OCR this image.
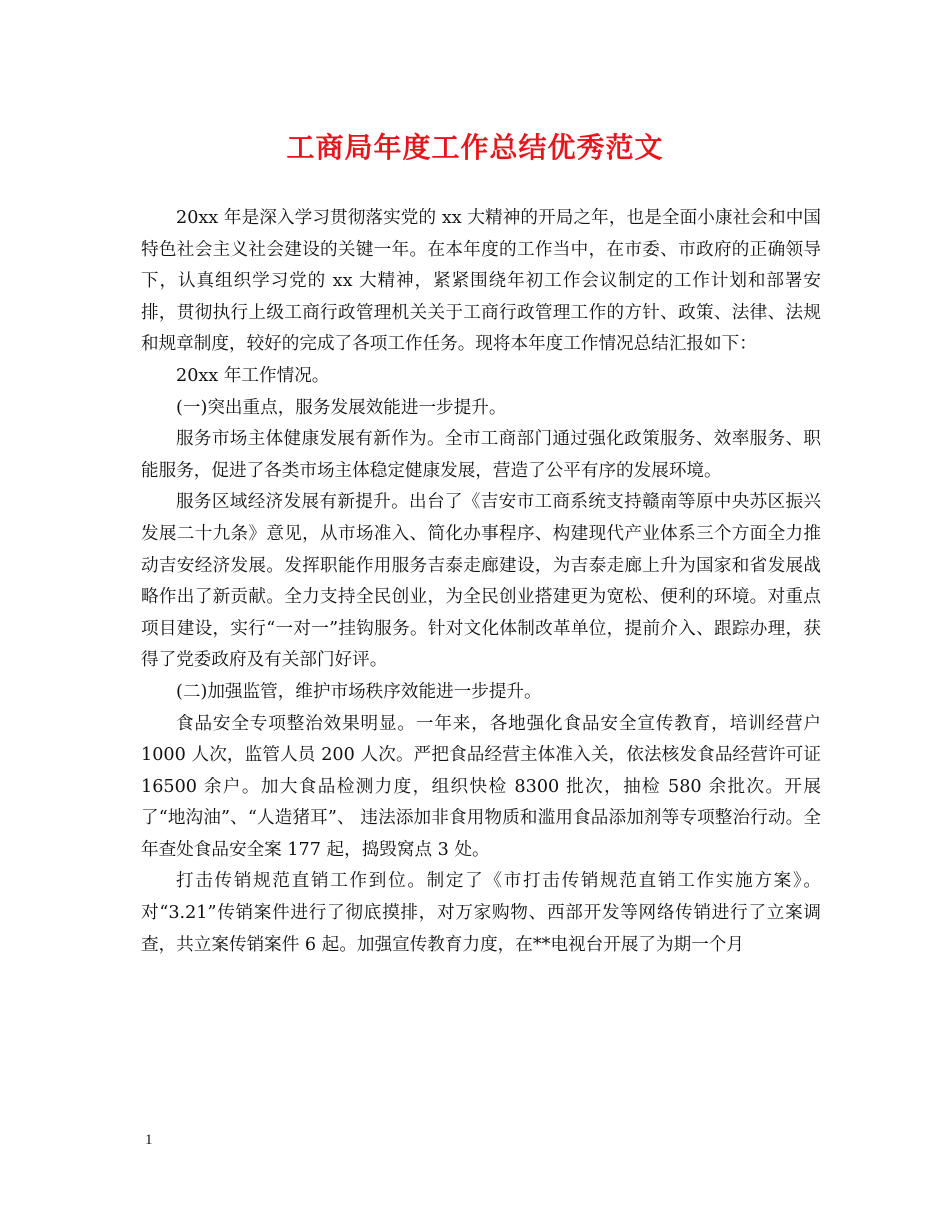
工商局年度工作总结优秀范文

20xx 年是深入学习贯彻落实党的 xx 大精神的开局之年，也是全面小康社会和中国特色社会主义社会建设的关键一年。在本年度的工作当中，在市委、市政府的正确领导下，认真组织学习党的 xx 大精神，紧紧围绕年初工作会议制定的工作计划和部署安排，贯彻执行上级工商行政管理机关关于工商行政管理工作的方针、政策、法律、法规和规章制度，较好的完成了各项工作任务。现将本年度工作情况总结汇报如下：

20xx 年工作情况。

(一)突出重点，服务发展效能进一步提升。

服务市场主体健康发展有新作为。全市工商部门通过强化政策服务、效率服务、职能服务，促进了各类市场主体稳定健康发展，营造了公平有序的发展环境。

服务区域经济发展有新提升。出台了《吉安市工商系统支持赣南等原中央苏区振兴发展二十九条》意见，从市场准入、简化办事程序、构建现代产业体系三个方面全力推动吉安经济发展。发挥职能作用服务吉泰走廊建设，为吉泰走廊上升为国家和省发展战略作出了新贡献。全力支持全民创业，为全民创业搭建更为宽松、便利的环境。对重点项目建设，实行“一对一”挂钩服务。针对文化体制改革单位，提前介入、跟踪办理，获得了党委政府及有关部门好评。

(二)加强监管，维护市场秩序效能进一步提升。

食品安全专项整治效果明显。一年来，各地强化食品安全宣传教育，培训经营户 1000 人次，监管人员 200 人次。严把食品经营主体准入关，依法核发食品经营许可证 16500 余户。加大食品检测力度，组织快检 8300 批次，抽检 580 余批次。开展了“地沟油”、“人造猪耳”、 违法添加非食用物质和滥用食品添加剂等专项整治行动。全年查处食品安全案 177 起，捣毁窝点 3 处。

打击传销规范直销工作到位。制定了《市打击传销规范直销工作实施方案》。对“3.21”传销案件进行了彻底摸排，对万家购物、西部开发等网络传销进行了立案调查，共立案传销案件 6 起。加强宣传教育力度，在**电视台开展了为期一个月

1
